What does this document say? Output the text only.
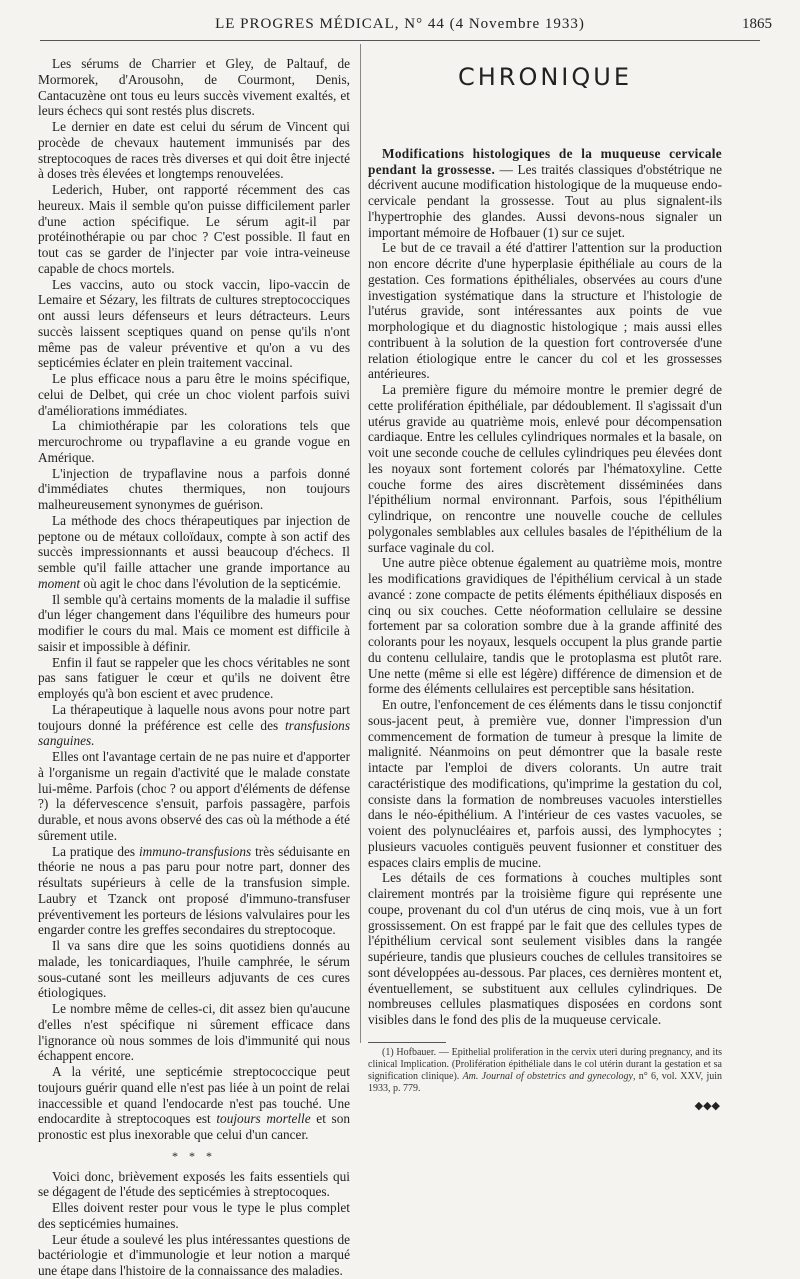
LE PROGRES MÉDICAL, N° 44 (4 Novembre 1933)	1865

Les sérums de Charrier et Gley, de Paltauf, de Mormorek, d'Arousohn, de Courmont, Denis, Cantacuzène ont tous eu leurs succès vivement exaltés, et leurs échecs qui sont restés plus discrets.

Le dernier en date est celui du sérum de Vincent qui procède de chevaux hautement immunisés par des streptocoques de races très diverses et qui doit être injecté à doses très élevées et longtemps renouvelées.

Lederich, Huber, ont rapporté récemment des cas heureux. Mais il semble qu'on puisse difficilement parler d'une action spécifique. Le sérum agit-il par protéinothérapie ou par choc ? C'est possible. Il faut en tout cas se garder de l'injecter par voie intra-veineuse capable de chocs mortels.

Les vaccins, auto ou stock vaccin, lipo-vaccin de Lemaire et Sézary, les filtrats de cultures streptococciques ont aussi leurs défenseurs et leurs détracteurs. Leurs succès laissent sceptiques quand on pense qu'ils n'ont même pas de valeur préventive et qu'on a vu des septicémies éclater en plein traitement vaccinal.

Le plus efficace nous a paru être le moins spécifique, celui de Delbet, qui crée un choc violent parfois suivi d'améliorations immédiates.

La chimiothérapie par les colorations tels que mercurochrome ou trypaflavine a eu grande vogue en Amérique.

L'injection de trypaflavine nous a parfois donné d'immédiates chutes thermiques, non toujours malheureusement synonymes de guérison.

La méthode des chocs thérapeutiques par injection de peptone ou de métaux colloïdaux, compte à son actif des succès impressionnants et aussi beaucoup d'échecs. Il semble qu'il faille attacher une grande importance au moment où agit le choc dans l'évolution de la septicémie.

Il semble qu'à certains moments de la maladie il suffise d'un léger changement dans l'équilibre des humeurs pour modifier le cours du mal. Mais ce moment est difficile à saisir et impossible à définir.

Enfin il faut se rappeler que les chocs véritables ne sont pas sans fatiguer le cœur et qu'ils ne doivent être employés qu'à bon escient et avec prudence.

La thérapeutique à laquelle nous avons pour notre part toujours donné la préférence est celle des transfusions sanguines.

Elles ont l'avantage certain de ne pas nuire et d'apporter à l'organisme un regain d'activité que le malade constate lui-même. Parfois (choc ? ou apport d'éléments de défense ?) la défervescence s'ensuit, parfois passagère, parfois durable, et nous avons observé des cas où la méthode a été sûrement utile.

La pratique des immuno-transfusions très séduisante en théorie ne nous a pas paru pour notre part, donner des résultats supérieurs à celle de la transfusion simple. Laubry et Tzanck ont proposé d'immuno-transfuser préventivement les porteurs de lésions valvulaires pour les engarder contre les greffes secondaires du streptocoque.

Il va sans dire que les soins quotidiens donnés au malade, les tonicardiaques, l'huile camphrée, le sérum sous-cutané sont les meilleurs adjuvants de ces cures étiologiques.

Le nombre même de celles-ci, dit assez bien qu'aucune d'elles n'est spécifique ni sûrement efficace dans l'ignorance où nous sommes de lois d'immunité qui nous échappent encore.

A la vérité, une septicémie streptococcique peut toujours guérir quand elle n'est pas liée à un point de relai inaccessible et quand l'endocarde n'est pas touché. Une endocardite à streptocoques est toujours mortelle et son pronostic est plus inexorable que celui d'un cancer.

* * *

Voici donc, brièvement exposés les faits essentiels qui se dégagent de l'étude des septicémies à streptocoques.

Elles doivent rester pour vous le type le plus complet des septicémies humaines.

Leur étude a soulevé les plus intéressantes questions de bactériologie et d'immunologie et leur notion a marqué une étape dans l'histoire de la connaissance des maladies.

CHRONIQUE

Modifications histologiques de la muqueuse cervicale pendant la grossesse. — Les traités classiques d'obstétrique ne décrivent aucune modification histologique de la muqueuse endo-cervicale pendant la grossesse. Tout au plus signalent-ils l'hypertrophie des glandes. Aussi devons-nous signaler un important mémoire de Hofbauer (1) sur ce sujet.

Le but de ce travail a été d'attirer l'attention sur la production non encore décrite d'une hyperplasie épithéliale au cours de la gestation. Ces formations épithéliales, observées au cours d'une investigation systématique dans la structure et l'histologie de l'utérus gravide, sont intéressantes aux points de vue morphologique et du diagnostic histologique ; mais aussi elles contribuent à la solution de la question fort controversée d'une relation étiologique entre le cancer du col et les grossesses antérieures.

La première figure du mémoire montre le premier degré de cette prolifération épithéliale, par dédoublement. Il s'agissait d'un utérus gravide au quatrième mois, enlevé pour décompensation cardiaque. Entre les cellules cylindriques normales et la basale, on voit une seconde couche de cellules cylindriques peu élevées dont les noyaux sont fortement colorés par l'hématoxyline. Cette couche forme des aires discrètement disséminées dans l'épithélium normal environnant. Parfois, sous l'épithélium cylindrique, on rencontre une nouvelle couche de cellules polygonales semblables aux cellules basales de l'épithélium de la surface vaginale du col.

Une autre pièce obtenue également au quatrième mois, montre les modifications gravidiques de l'épithélium cervical à un stade avancé : zone compacte de petits éléments épithéliaux disposés en cinq ou six couches. Cette néoformation cellulaire se dessine fortement par sa coloration sombre due à la grande affinité des colorants pour les noyaux, lesquels occupent la plus grande partie du contenu cellulaire, tandis que le protoplasma est plutôt rare. Une nette (même si elle est légère) différence de dimension et de forme des éléments cellulaires est perceptible sans hésitation.

En outre, l'enfoncement de ces éléments dans le tissu conjonctif sous-jacent peut, à première vue, donner l'impression d'un commencement de formation de tumeur à presque la limite de malignité. Néanmoins on peut démontrer que la basale reste intacte par l'emploi de divers colorants. Un autre trait caractéristique des modifications, qu'imprime la gestation du col, consiste dans la formation de nombreuses vacuoles interstielles dans le néo-épithélium. A l'intérieur de ces vastes vacuoles, se voient des polynucléaires et, parfois aussi, des lymphocytes ; plusieurs vacuoles contiguës peuvent fusionner et constituer des espaces clairs emplis de mucine.

Les détails de ces formations à couches multiples sont clairement montrés par la troisième figure qui représente une coupe, provenant du col d'un utérus de cinq mois, vue à un fort grossissement. On est frappé par le fait que des cellules types de l'épithélium cervical sont seulement visibles dans la rangée supérieure, tandis que plusieurs couches de cellules transitoires se sont développées au-dessous. Par places, ces dernières montent et, éventuellement, se substituent aux cellules cylindriques. De nombreuses cellules plasmatiques disposées en cordons sont visibles dans le fond des plis de la muqueuse cervicale.

(1) Hofbauer. — Epithelial proliferation in the cervix uteri during pregnancy, and its clinical Implication. (Prolifération épithéliale dans le col utérin durant la gestation et sa signification clinique). Am. Journal of obstetrics and gynecology, n° 6, vol. XXV, juin 1933, p. 779.
◆◆◆
